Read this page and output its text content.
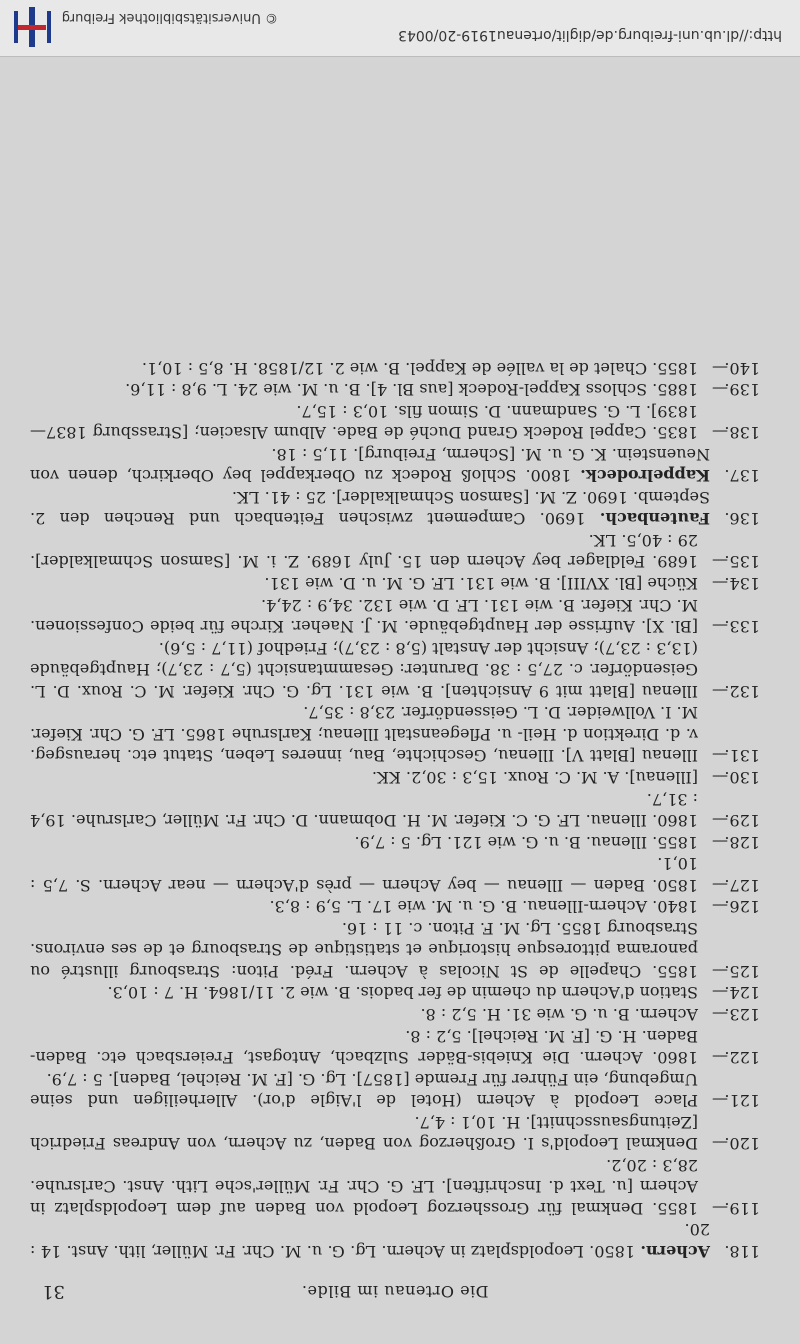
Die Ortenau im Bilde.
31

118.
Achern. 1850. Leopoldsplatz in Achern. Lg. G. u. M. Chr. Fr. Müller, lith. Anst. 14 : 20.

119.
—
1855. Denkmal für Grossherzog Leopold von Baden auf dem Leopoldsplatz in Achern [u. Text d. Inschriften]. LF. G. Chr. Fr. Müller'sche Lith. Anst. Carlsruhe. 28,3 : 20,2.

120.
—
Denkmal Leopold's I. Großherzog von Baden, zu Achern, von Andreas Friedrich [Zeitungsausschnitt]. H. 10,1 : 4,7.

121.
—
Place Leopold à Achern (Hotel de l'Aigle d'or). Allerheiligen und seine Umgebung, ein Führer für Fremde [1857]. Lg. G. [F. M. Reichel, Baden]. 5 : 7,9.

122.
—
1860. Achern. Die Kniebis-Bäder Sulzbach, Antogast, Freiersbach etc. Baden-Baden. H. G. [F. M. Reichel]. 5,2 : 8.

123.
—
Achern. B. u. G. wie 31. H. 5,2 : 8.

124.
—
Station d'Achern du chemin de fer badois. B. wie 2. 11/1864. H. 7 : 10,3.

125.
—
1855. Chapelle de St Nicolas à Achern. Fréd. Piton: Strasbourg illustré ou panorama pittoresque historique et statistique de Strasbourg et de ses environs. Strasbourg 1855. Lg. M. F. Piton. c. 11 : 16.

126.
—
1840. Achern-Illenau. B. G. u. M. wie 17. L. 5,9 : 8,3.

127.
—
1850. Baden — Illenau — bey Achern — près d'Achern — near Achern. S. 7,5 : 10,1.

128.
—
1855. Illenau. B. u. G. wie 121. Lg. 5 : 7,9.

129.
—
1860. Illenau. LF. G. C. Kiefer. M. H. Dobmann. D. Chr. Fr. Müller, Carlsruhe. 19,4 : 31,7.

130.
—
[Illenau]. A. M. C. Roux. 15,3 : 30,2. KK.

131.
—
Illenau [Blatt V]. Illenau, Geschichte, Bau, inneres Leben, Statut etc. herausgeg. v. d. Direktion d. Heil- u. Pflegeanstalt Illenau; Karlsruhe 1865. LF. G. Chr. Kiefer. M. I. Vollweider. D. L. Geissendörfer. 23,8 : 35,7.

132.
—
Illenau [Blatt mit 9 Ansichten]. B. wie 131. Lg. G. Chr. Kiefer. M. C. Roux. D. L. Geisendörfer. c. 27,5 : 38. Darunter: Gesammtansicht (5,7 : 23,7); Hauptgebäude (13,3 : 23,7); Ansicht der Anstalt (5,8 : 23,7); Friedhof (11,7 : 5,6).

133.
—
[Bl. X]. Aufrisse der Hauptgebäude. M. J. Naeher. Kirche für beide Confessionen. M. Chr. Kiefer. B. wie 131. LF. D. wie 132. 34,9 : 24,4.

134.
—
Küche [Bl. XVIII]. B. wie 131. LF. G. M. u. D. wie 131.

135.
—
1689. Feldlager bey Achern den 15. July 1689. Z. i. M. [Samson Schmalkalder]. 29 : 40,5. LK.

136.
Fautenbach. 1690. Campement zwischen Feitenbach und Renchen den 2. Septemb. 1690. Z. M. [Samson Schmalkalder]. 25 : 41. LK.

137.
Kappelrodeck. 1800. Schloß Rodeck zu Oberkappel bey Oberkirch, denen von Neuenstein. K. G. u. M. [Scherm, Freiburg]. 11,5 : 18.

138.
—
1835. Cappel Rodeck Grand Duché de Bade. Album Alsacien; [Strassburg 1837—1839]. L. G. Sandmann. D. Simon fils. 10,3 : 15,7.

139.
—
1885. Schloss Kappel-Rodeck [aus Bl. 4]. B. u. M. wie 24. L. 9,8 : 11,6.

140.
—
1855. Chalet de la vallée de Kappel. B. wie 2. 12/1858. H. 8,5 : 10,1.

http://dl.ub.uni-freiburg.de/diglit/ortenau1919-20/0043
© Universitätsbibliothek Freiburg
